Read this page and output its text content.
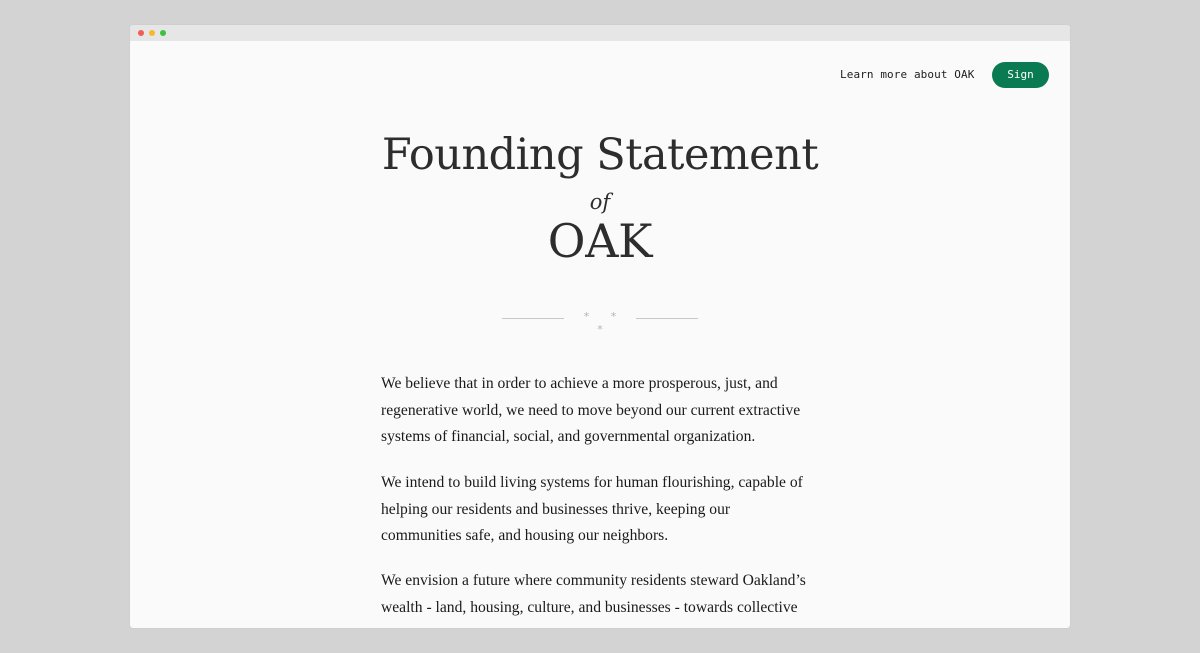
Learn more about OAK	Sign
Founding Statement
of
OAK
* * *

We believe that in order to achieve a more prosperous, just, and regenerative world, we need to move beyond our current extractive systems of financial, social, and governmental organization.

We intend to build living systems for human flourishing, capable of helping our residents and businesses thrive, keeping our communities safe, and housing our neighbors.

We envision a future where community residents steward Oakland’s wealth - land, housing, culture, and businesses - towards collective
